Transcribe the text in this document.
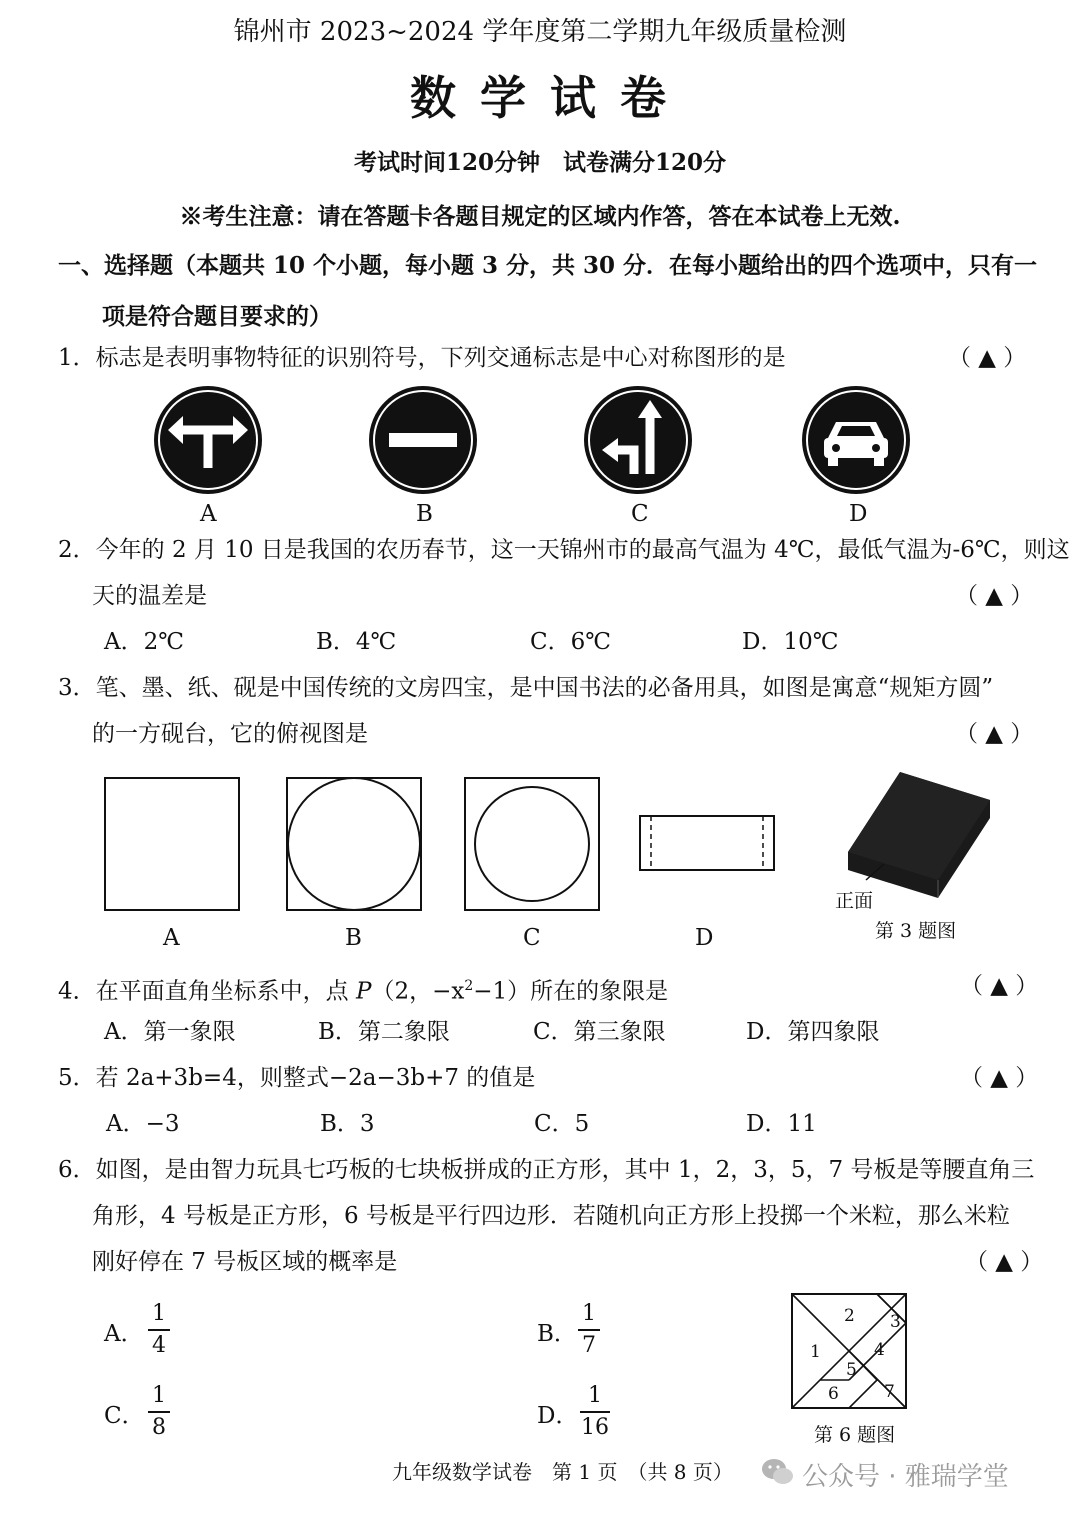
锦州市 2023~2024 学年度第二学期九年级质量检测
数 学 试 卷
考试时间120分钟　试卷满分120分
※考生注意：请在答题卡各题目规定的区域内作答，答在本试卷上无效.
一、选择题（本题共 10 个小题，每小题 3 分，共 30 分．在每小题给出的四个选项中，只有一
项是符合题目要求的）
1．标志是表明事物特征的识别符号，下列交通标志是中心对称图形的是	（ ▲ ）
A	B	C	D
2．今年的 2 月 10 日是我国的农历春节，这一天锦州市的最高气温为 4℃，最低气温为-6℃，则这
天的温差是	（ ▲ ）
A．2℃	B．4℃	C．6℃	D．10℃
3．笔、墨、纸、砚是中国传统的文房四宝，是中国书法的必备用具，如图是寓意“规矩方圆”
的一方砚台，它的俯视图是	（ ▲ ）
正面
第 3 题图
A	B	C	D
4．在平面直角坐标系中，点 P（2，$-x^2-1$）所在的象限是	（ ▲ ）
A．第一象限	B．第二象限	C．第三象限	D．第四象限
5．若 2a+3b=4，则整式−2a−3b+7 的值是	（ ▲ ）
A．−3	B．3	C．5	D．11
6．如图，是由智力玩具七巧板的七块板拼成的正方形，其中 1，2，3，5，7 号板是等腰直角三
角形，4 号板是正方形，6 号板是平行四边形．若随机向正方形上投掷一个米粒，那么米粒
刚好停在 7 号板区域的概率是	（ ▲ ）
A．
1
4	B．
1
7
C．
1
8	D．
1
16
2 3
1	4
5
6	7
第 6 题图
九年级数学试卷　第 1 页　（共 8 页）	公众号 · 雅瑞学堂
